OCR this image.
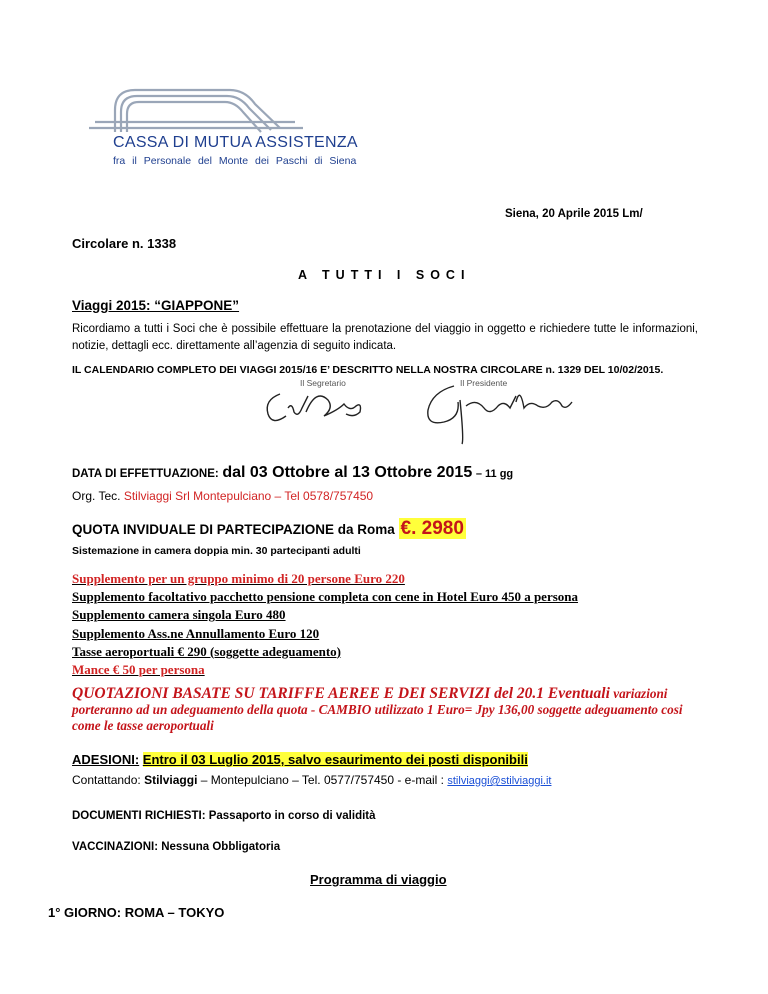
CASSA DI MUTUA ASSISTENZA
fra il Personale del Monte dei Paschi di Siena
Siena, 20 Aprile 2015 Lm/
Circolare n. 1338
A TUTTI I SOCI
Viaggi 2015: “GIAPPONE”
Ricordiamo a tutti i Soci che è possibile effettuare la prenotazione del viaggio in oggetto e richiedere tutte le informazioni, notizie, dettagli ecc. direttamente all’agenzia di seguito indicata.
IL CALENDARIO COMPLETO DEI VIAGGI 2015/16 E’ DESCRITTO NELLA NOSTRA CIRCOLARE n. 1329 DEL 10/02/2015.
Il Segretario	Il Presidente
DATA DI EFFETTUAZIONE: dal 03 Ottobre al 13 Ottobre 2015 – 11 gg
Org. Tec. Stilviaggi Srl Montepulciano – Tel 0578/757450
QUOTA INVIDUALE DI PARTECIPAZIONE da Roma €. 2980
Sistemazione in camera doppia min. 30 partecipanti adulti
Supplemento per un gruppo minimo di 20 persone Euro 220
Supplemento facoltativo pacchetto pensione completa con cene in Hotel Euro 450 a persona
Supplemento camera singola Euro 480
Supplemento Ass.ne Annullamento Euro 120
Tasse aeroportuali € 290 (soggette adeguamento)
Mance € 50 per persona
QUOTAZIONI BASATE SU TARIFFE AEREE E DEI SERVIZI del 20.1 Eventuali variazioni porteranno ad un adeguamento della quota - CAMBIO utilizzato 1 Euro= Jpy 136,00 soggette adeguamento cosi come le tasse aeroportuali
ADESIONI: Entro il 03 Luglio 2015, salvo esaurimento dei posti disponibili
Contattando: Stilviaggi – Montepulciano – Tel. 0577/757450 - e-mail : stilviaggi@stilviaggi.it
DOCUMENTI RICHIESTI: Passaporto in corso di validità
VACCINAZIONI: Nessuna Obbligatoria
Programma di viaggio
1° GIORNO: ROMA – TOKYO
